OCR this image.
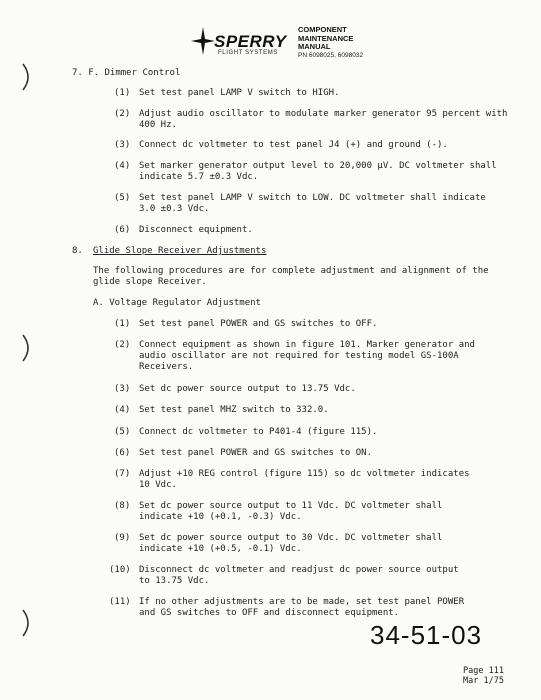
SPERRY
FLIGHT SYSTEMS
COMPONENT
MAINTENANCE
MANUAL
PN 6098025, 6098032
7. F. Dimmer Control
(1) Set test panel LAMP V switch to HIGH.
(2) Adjust audio oscillator to modulate marker generator 95 percent with
400 Hz.
(3) Connect dc voltmeter to test panel J4 (+) and ground (-).
(4) Set marker generator output level to 20,000 μV. DC voltmeter shall
indicate 5.7 ±0.3 Vdc.
(5) Set test panel LAMP V switch to LOW. DC voltmeter shall indicate
3.0 ±0.3 Vdc.
(6) Disconnect equipment.
8. Glide Slope Receiver Adjustments
The following procedures are for complete adjustment and alignment of the
glide slope Receiver.
A. Voltage Regulator Adjustment
(1) Set test panel POWER and GS switches to OFF.
(2) Connect equipment as shown in figure 101. Marker generator and
audio oscillator are not required for testing model GS-100A
Receivers.
(3) Set dc power source output to 13.75 Vdc.
(4) Set test panel MHZ switch to 332.0.
(5) Connect dc voltmeter to P401-4 (figure 115).
(6) Set test panel POWER and GS switches to ON.
(7) Adjust +10 REG control (figure 115) so dc voltmeter indicates
10 Vdc.
(8) Set dc power source output to 11 Vdc. DC voltmeter shall
indicate +10 (+0.1, -0.3) Vdc.
(9) Set dc power source output to 30 Vdc. DC voltmeter shall
indicate +10 (+0.5, -0.1) Vdc.
(10) Disconnect dc voltmeter and readjust dc power source output
to 13.75 Vdc.
(11) If no other adjustments are to be made, set test panel POWER
and GS switches to OFF and disconnect equipment.
34-51-03
Page 111
Mar 1/75
